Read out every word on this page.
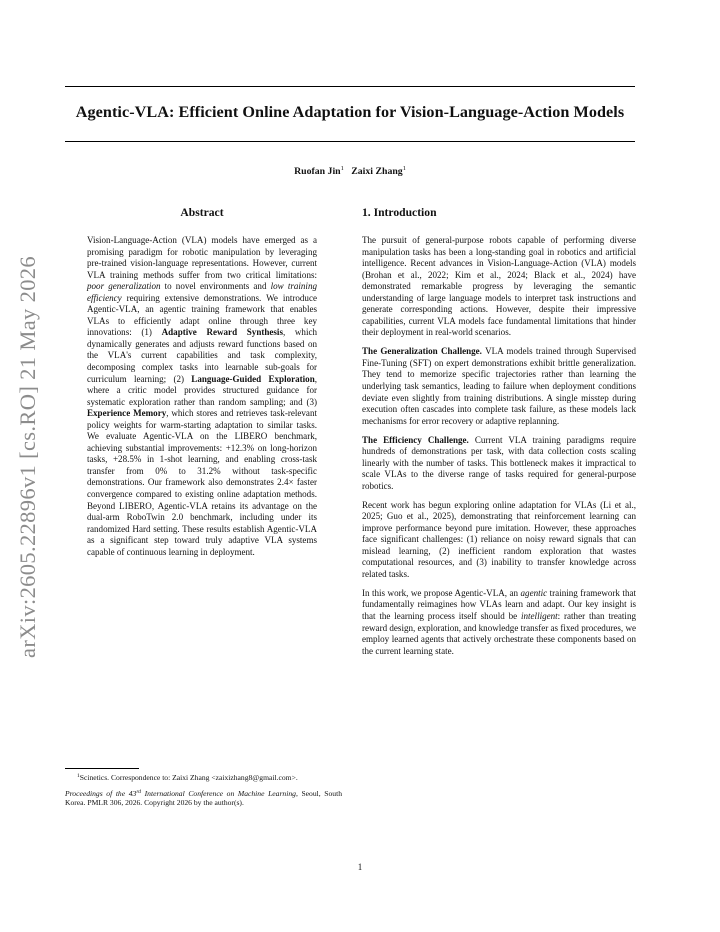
Agentic-VLA: Efficient Online Adaptation for Vision-Language-Action Models
Ruofan Jin$^1$ Zaixi Zhang$^1$
arXiv:2605.22896v1 [cs.RO] 21 May 2026
Abstract

Vision-Language-Action (VLA) models have emerged as a promising paradigm for robotic manipulation by leveraging pre-trained vision-language representations. However, current VLA training methods suffer from two critical limitations: poor generalization to novel environments and low training efficiency requiring extensive demonstrations. We introduce Agentic-VLA, an agentic training framework that enables VLAs to efficiently adapt online through three key innovations: (1) Adaptive Reward Synthesis, which dynamically generates and adjusts reward functions based on the VLA's current capabilities and task complexity, decomposing complex tasks into learnable sub-goals for curriculum learning; (2) Language-Guided Exploration, where a critic model provides structured guidance for systematic exploration rather than random sampling; and (3) Experience Memory, which stores and retrieves task-relevant policy weights for warm-starting adaptation to similar tasks. We evaluate Agentic-VLA on the LIBERO benchmark, achieving substantial improvements: +12.3% on long-horizon tasks, +28.5% in 1-shot learning, and enabling cross-task transfer from 0% to 31.2% without task-specific demonstrations. Our framework also demonstrates 2.4× faster convergence compared to existing online adaptation methods. Beyond LIBERO, Agentic-VLA retains its advantage on the dual-arm RoboTwin 2.0 benchmark, including under its randomized Hard setting. These results establish Agentic-VLA as a significant step toward truly adaptive VLA systems capable of continuous learning in deployment.

1. Introduction

The pursuit of general-purpose robots capable of performing diverse manipulation tasks has been a long-standing goal in robotics and artificial intelligence. Recent advances in Vision-Language-Action (VLA) models (Brohan et al., 2022; Kim et al., 2024; Black et al., 2024) have demonstrated remarkable progress by leveraging the semantic understanding of large language models to interpret task instructions and generate corresponding actions. However, despite their impressive capabilities, current VLA models face fundamental limitations that hinder their deployment in real-world scenarios.

The Generalization Challenge. VLA models trained through Supervised Fine-Tuning (SFT) on expert demonstrations exhibit brittle generalization. They tend to memorize specific trajectories rather than learning the underlying task semantics, leading to failure when deployment conditions deviate even slightly from training distributions. A single misstep during execution often cascades into complete task failure, as these models lack mechanisms for error recovery or adaptive replanning.

The Efficiency Challenge. Current VLA training paradigms require hundreds of demonstrations per task, with data collection costs scaling linearly with the number of tasks. This bottleneck makes it impractical to scale VLAs to the diverse range of tasks required for general-purpose robotics.

Recent work has begun exploring online adaptation for VLAs (Li et al., 2025; Guo et al., 2025), demonstrating that reinforcement learning can improve performance beyond pure imitation. However, these approaches face significant challenges: (1) reliance on noisy reward signals that can mislead learning, (2) inefficient random exploration that wastes computational resources, and (3) inability to transfer knowledge across related tasks.

In this work, we propose Agentic-VLA, an agentic training framework that fundamentally reimagines how VLAs learn and adapt. Our key insight is that the learning process itself should be intelligent: rather than treating reward design, exploration, and knowledge transfer as fixed procedures, we employ learned agents that actively orchestrate these components based on the current learning state.

$^1$Scinetics. Correspondence to: Zaixi Zhang <zaixizhang8@gmail.com>.

Proceedings of the 43rd International Conference on Machine Learning, Seoul, South Korea. PMLR 306, 2026. Copyright 2026 by the author(s).

1
